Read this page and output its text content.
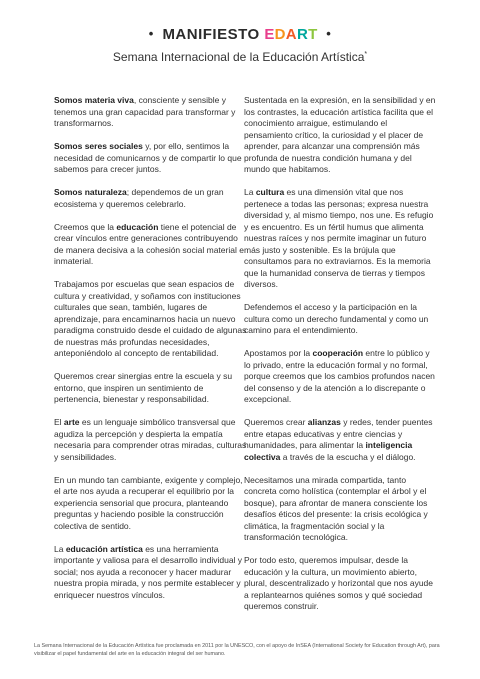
• MANIFIESTO EDART •
Semana Internacional de la Educación Artística*

Somos materia viva, consciente y sensible y tenemos una gran capacidad para transformar y transformarnos.

Somos seres sociales y, por ello, sentimos la necesidad de comunicarnos y de compartir lo que sabemos para crecer juntos.

Somos naturaleza; dependemos de un gran ecosistema y queremos celebrarlo.

Creemos que la educación tiene el potencial de crear vínculos entre generaciones contribuyendo de manera decisiva a la cohesión social material e inmaterial.

Trabajamos por escuelas que sean espacios de cultura y creatividad, y soñamos con instituciones culturales que sean, también, lugares de aprendizaje, para encaminarnos hacia un nuevo paradigma construido desde el cuidado de algunas de nuestras más profundas necesidades, anteponiéndolo al concepto de rentabilidad.

Queremos crear sinergias entre la escuela y su entorno, que inspiren un sentimiento de pertenencia, bienestar y responsabilidad.

El arte es un lenguaje simbólico transversal que agudiza la percepción y despierta la empatía necesaria para comprender otras miradas, culturas y sensibilidades.

En un mundo tan cambiante, exigente y complejo, el arte nos ayuda a recuperar el equilibrio por la experiencia sensorial que procura, planteando preguntas y haciendo posible la construcción colectiva de sentido.

La educación artística es una herramienta importante y valiosa para el desarrollo individual y social; nos ayuda a reconocer y hacer madurar nuestra propia mirada, y nos permite establecer y enriquecer nuestros vínculos.

Sustentada en la expresión, en la sensibilidad y en los contrastes, la educación artística facilita que el conocimiento arraigue, estimulando el pensamiento crítico, la curiosidad y el placer de aprender, para alcanzar una comprensión más profunda de nuestra condición humana y del mundo que habitamos.

La cultura es una dimensión vital que nos pertenece a todas las personas; expresa nuestra diversidad y, al mismo tiempo, nos une. Es refugio y es encuentro. Es un fértil humus que alimenta nuestras raíces y nos permite imaginar un futuro más justo y sostenible. Es la brújula que consultamos para no extraviarnos. Es la memoria que la humanidad conserva de tierras y tiempos diversos.

Defendemos el acceso y la participación en la cultura como un derecho fundamental y como un camino para el entendimiento.

Apostamos por la cooperación entre lo público y lo privado, entre la educación formal y no formal, porque creemos que los cambios profundos nacen del consenso y de la atención a lo discrepante o excepcional.

Queremos crear alianzas y redes, tender puentes entre etapas educativas y entre ciencias y humanidades, para alimentar la inteligencia colectiva a través de la escucha y el diálogo.

Necesitamos una mirada compartida, tanto concreta como holística (contemplar el árbol y el bosque), para afrontar de manera consciente los desafíos éticos del presente: la crisis ecológica y climática, la fragmentación social y la transformación tecnológica.

Por todo esto, queremos impulsar, desde la educación y la cultura, un movimiento abierto, plural, descentralizado y horizontal que nos ayude a replantearnos quiénes somos y qué sociedad queremos construir.

La Semana Internacional de la Educación Artística fue proclamada en 2011 por la UNESCO, con el apoyo de InSEA (International Society for Education through Art), para visibilizar el papel fundamental del arte en la educación integral del ser humano.
